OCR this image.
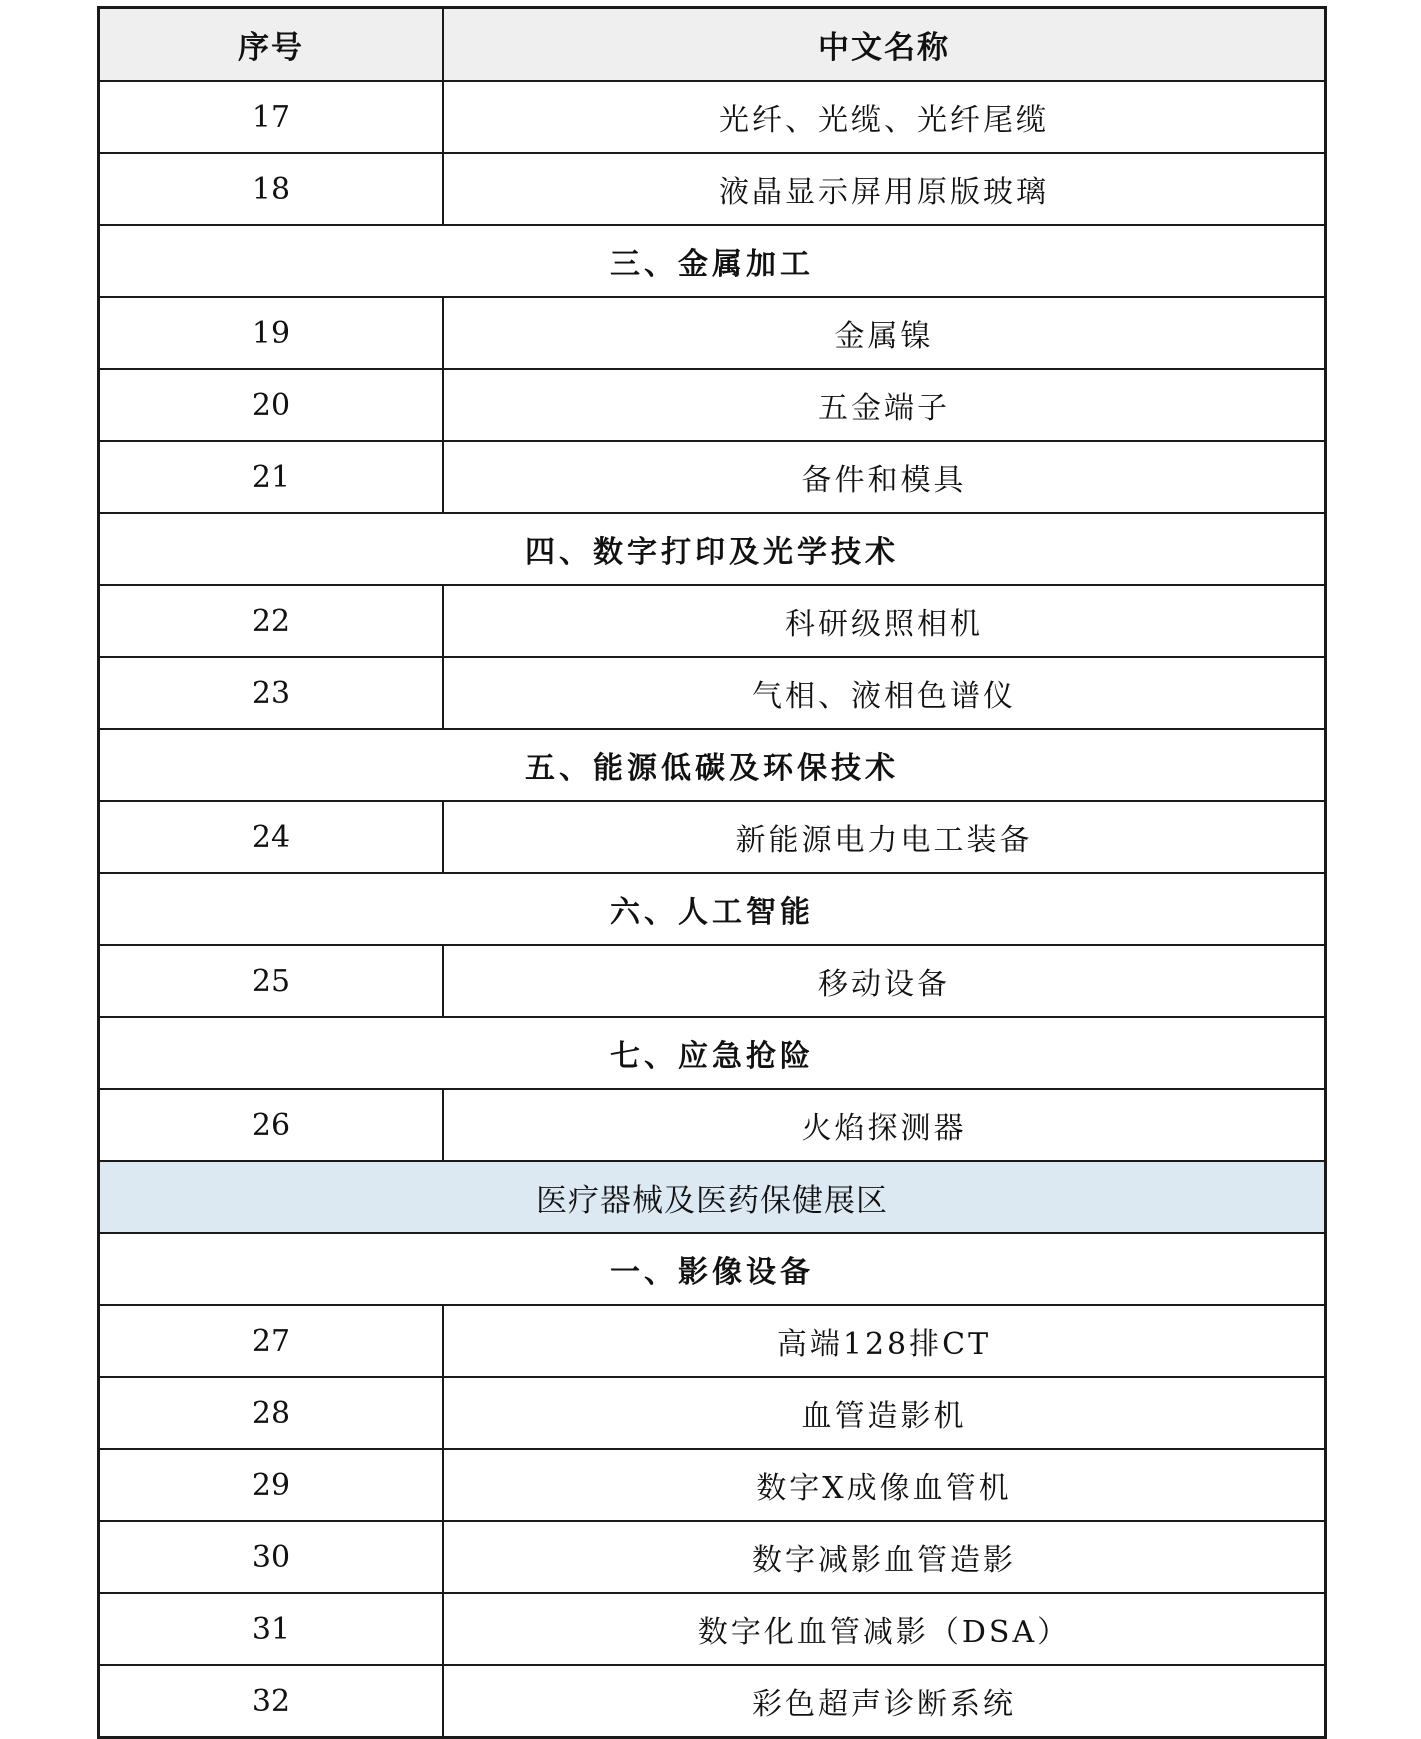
序号	中文名称
17	光纤、光缆、光纤尾缆
18	液晶显示屏用原版玻璃
三、金属加工
19	金属镍
20	五金端子
21	备件和模具
四、数字打印及光学技术
22	科研级照相机
23	气相、液相色谱仪
五、能源低碳及环保技术
24	新能源电力电工装备
六、人工智能
25	移动设备
七、应急抢险
26	火焰探测器
医疗器械及医药保健展区
一、影像设备
27	高端128排CT
28	血管造影机
29	数字X成像血管机
30	数字减影血管造影
31	数字化血管减影（DSA）
32	彩色超声诊断系统
